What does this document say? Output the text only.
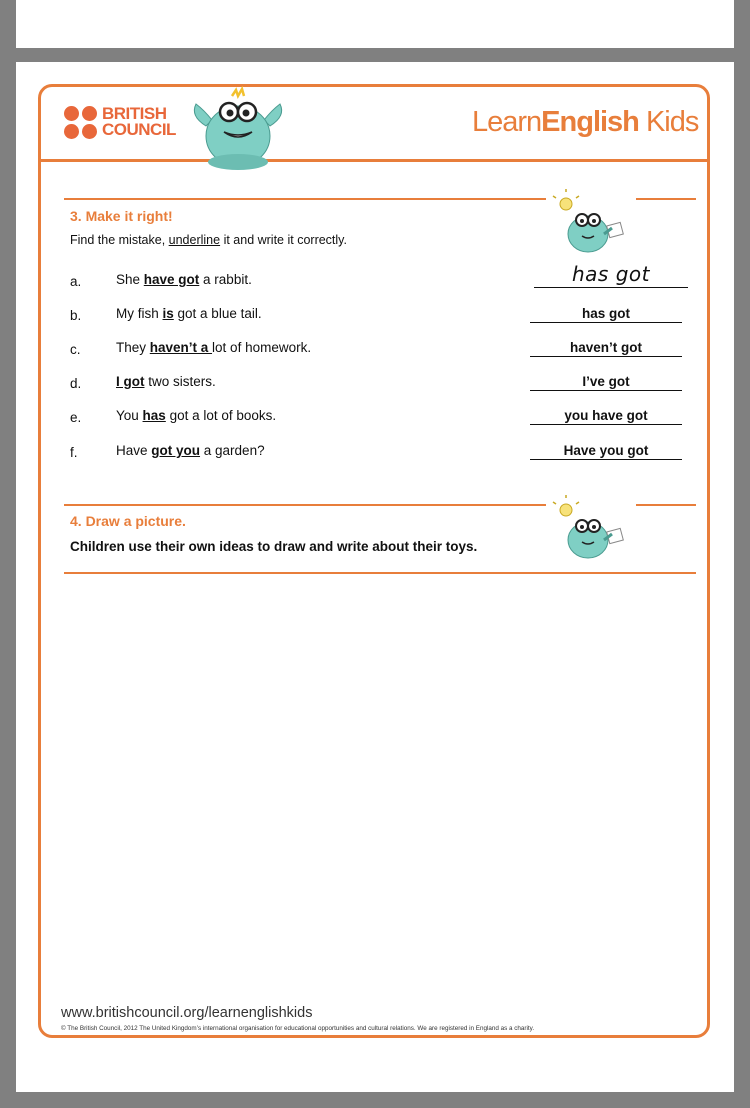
BRITISH
COUNCIL	LearnEnglish Kids
3. Make it right!
Find the mistake, underline it and write it correctly.
a.	She have got a rabbit.	has got
b.	My fish is got a blue tail.	has got
c.	They haven’t a lot of homework.	haven’t got
d.	I got two sisters.	I’ve got
e.	You has got a lot of books.	you have got
f.	Have got you a garden?	Have you got
4. Draw a picture.
Children use their own ideas to draw and write about their toys.
www.britishcouncil.org/learnenglishkids
© The British Council, 2012 The United Kingdom’s international organisation for educational opportunities and cultural relations. We are registered in England as a charity.
